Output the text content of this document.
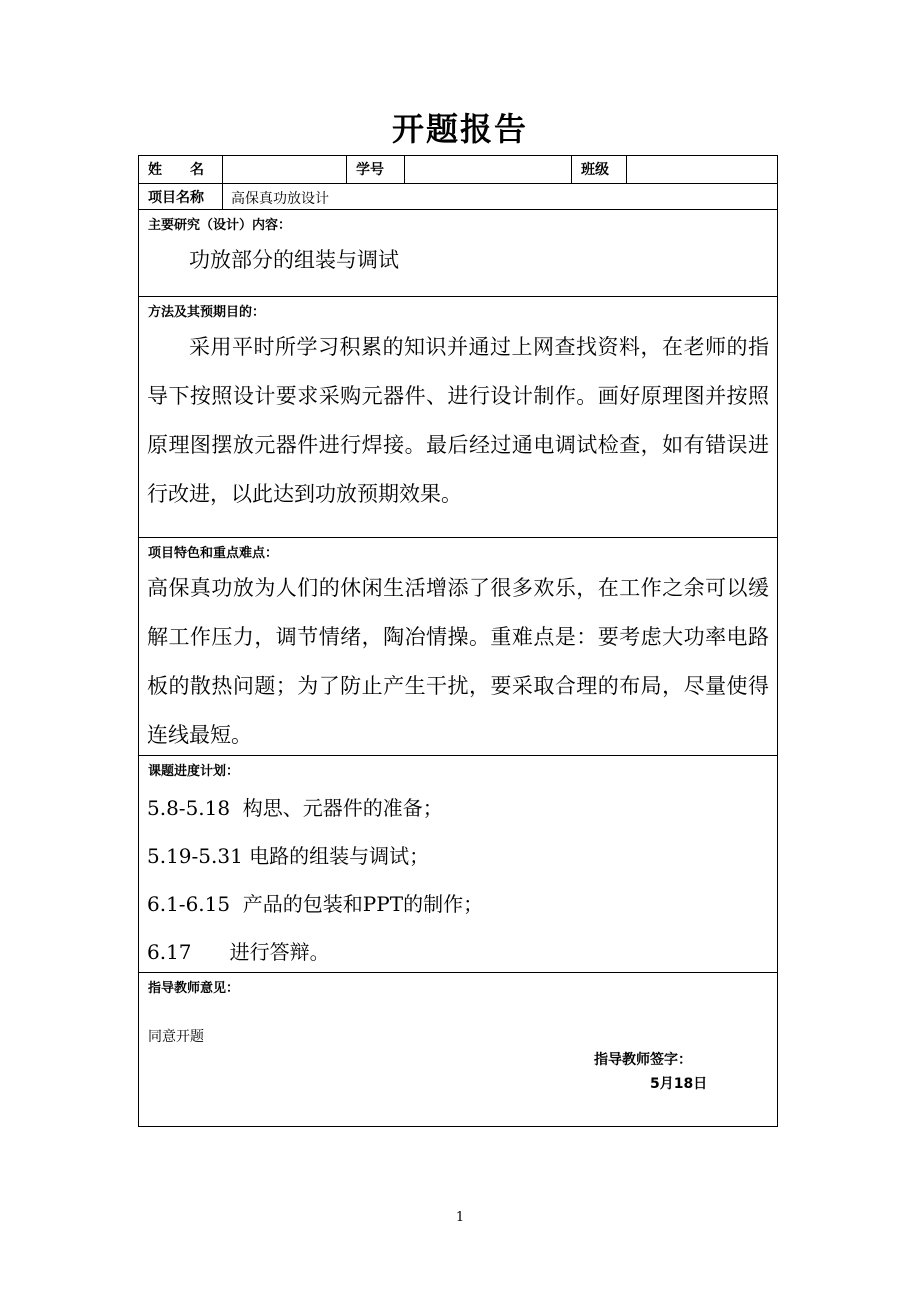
开题报告
姓　　名	学号	班级
项目名称	高保真功放设计
主要研究（设计）内容：
功放部分的组装与调试
方法及其预期目的：
采用平时所学习积累的知识并通过上网查找资料，在老师的指导下按照设计要求采购元器件、进行设计制作。画好原理图并按照原理图摆放元器件进行焊接。最后经过通电调试检查，如有错误进行改进，以此达到功放预期效果。
项目特色和重点难点：
高保真功放为人们的休闲生活增添了很多欢乐，在工作之余可以缓解工作压力，调节情绪，陶冶情操。重难点是：要考虑大功率电路板的散热问题；为了防止产生干扰，要采取合理的布局，尽量使得连线最短。
课题进度计划：
5.8-5.18  构思、元器件的准备；
5.19-5.31 电路的组装与调试；
6.1-6.15  产品的包装和PPT的制作；
6.17      进行答辩。
指导教师意见：
同意开题
指导教师签字：
5月18日
1
